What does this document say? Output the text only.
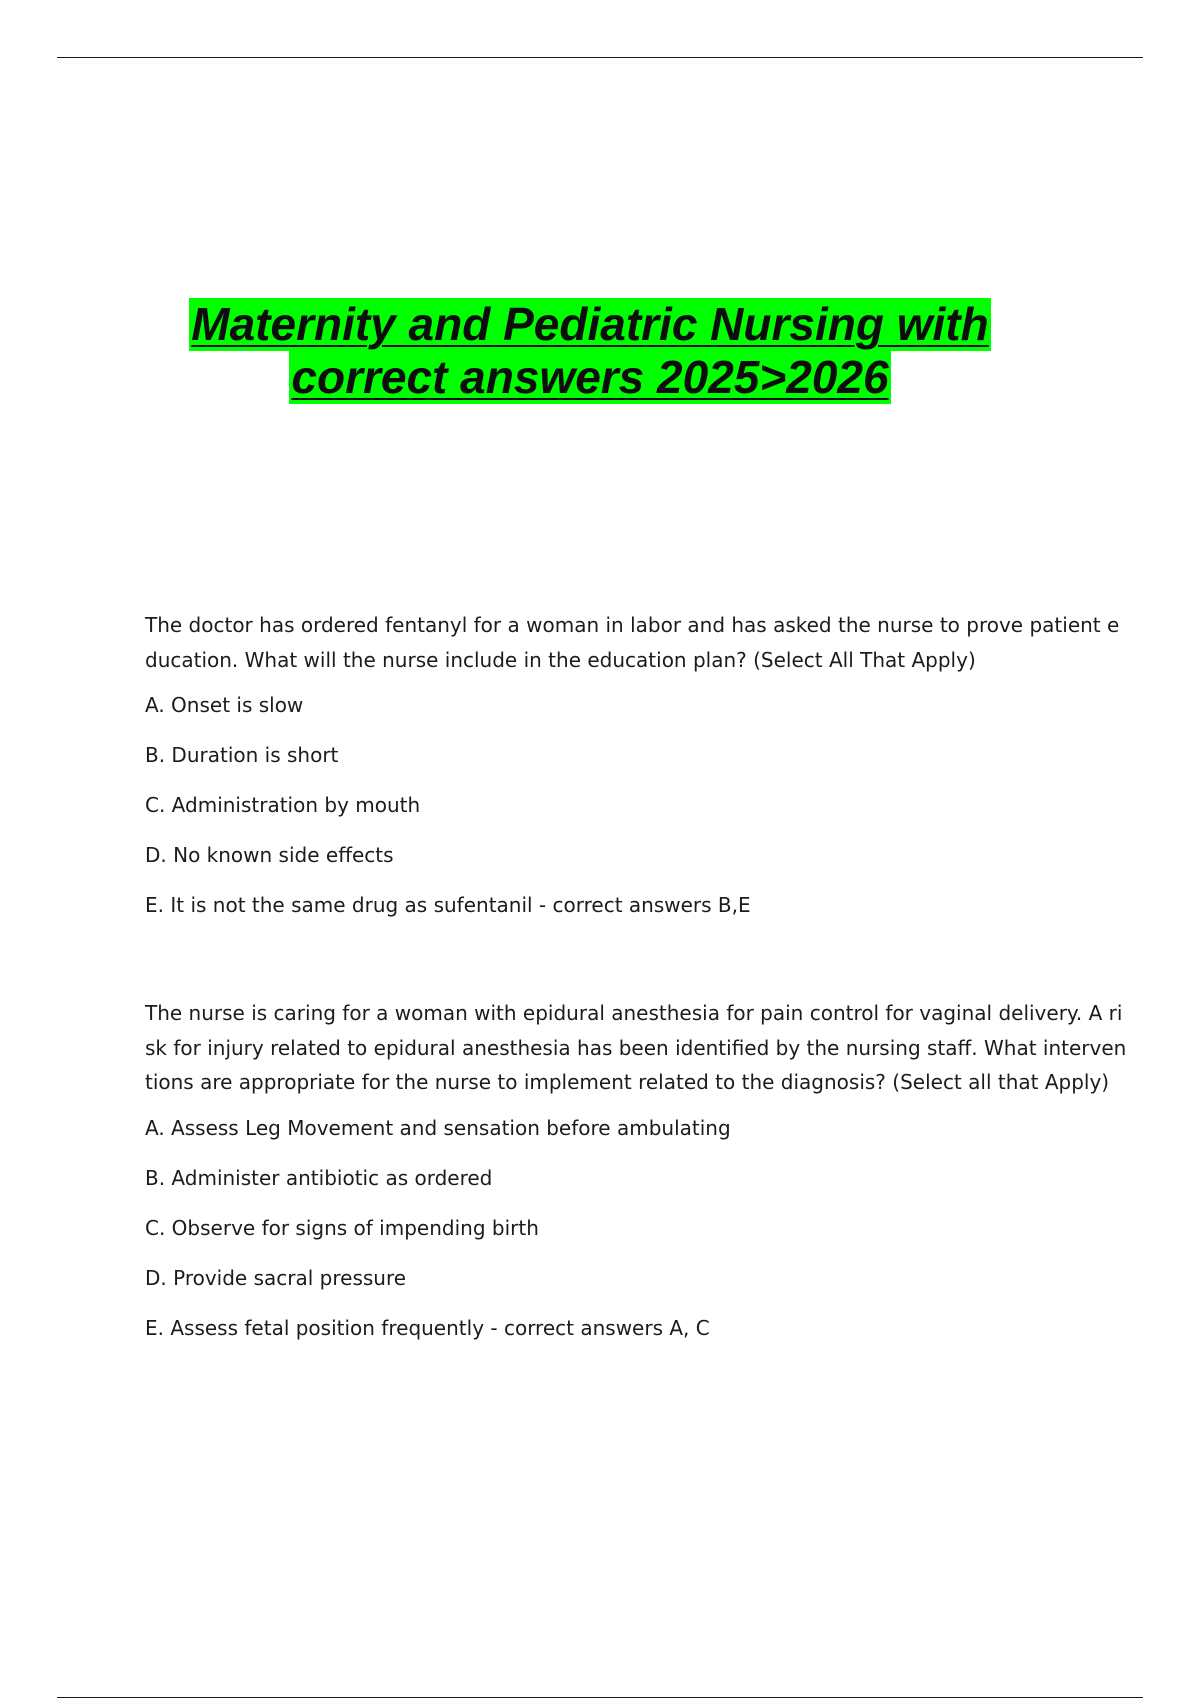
Maternity and Pediatric Nursing with
correct answers 2025>2026
The doctor has ordered fentanyl for a woman in labor and has asked the nurse to prove patient e
ducation. What will the nurse include in the education plan? (Select All That Apply)
A. Onset is slow
B. Duration is short
C. Administration by mouth
D. No known side effects
E. It is not the same drug as sufentanil - correct answers B,E
The nurse is caring for a woman with epidural anesthesia for pain control for vaginal delivery. A ri
sk for injury related to epidural anesthesia has been identified by the nursing staff. What interven
tions are appropriate for the nurse to implement related to the diagnosis? (Select all that Apply)
A. Assess Leg Movement and sensation before ambulating
B. Administer antibiotic as ordered
C. Observe for signs of impending birth
D. Provide sacral pressure
E. Assess fetal position frequently - correct answers A, C
